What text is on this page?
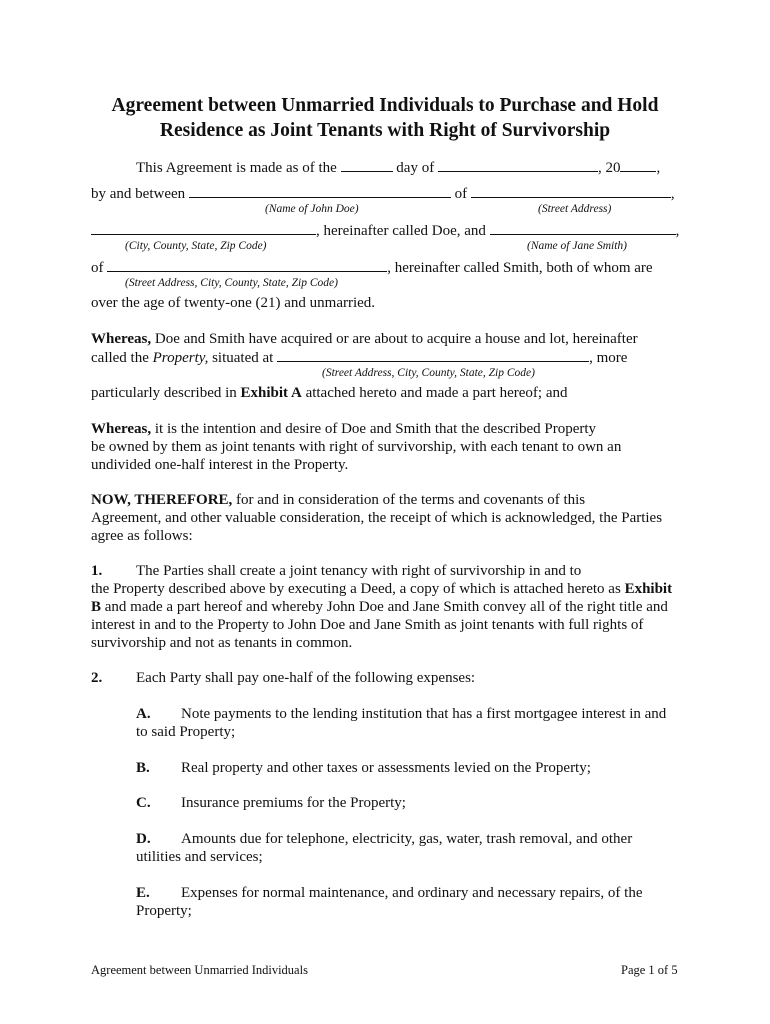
Agreement between Unmarried Individuals to Purchase and Hold
Residence as Joint Tenants with Right of Survivorship
This Agreement is made as of the	day of	, 20 ,
by and between	of	,
(Name of John Doe)	(Street Address)
, hereinafter called Doe, and	,
(City, County, State, Zip Code)	(Name of Jane Smith)
of	, hereinafter called Smith, both of whom are
(Street Address, City, County, State, Zip Code)
over the age of twenty-one (21) and unmarried.
Whereas, Doe and Smith have acquired or are about to acquire a house and lot, hereinafter
called the Property, situated at	, more
(Street Address, City, County, State, Zip Code)
particularly described in Exhibit A attached hereto and made a part hereof; and
Whereas, it is the intention and desire of Doe and Smith that the described Property
be owned by them as joint tenants with right of survivorship, with each tenant to own an
undivided one-half interest in the Property.
NOW, THEREFORE, for and in consideration of the terms and covenants of this
Agreement, and other valuable consideration, the receipt of which is acknowledged, the Parties
agree as follows:
1. The Parties shall create a joint tenancy with right of survivorship in and to
the Property described above by executing a Deed, a copy of which is attached hereto as Exhibit
B and made a part hereof and whereby John Doe and Jane Smith convey all of the right title and
interest in and to the Property to John Doe and Jane Smith as joint tenants with full rights of
survivorship and not as tenants in common.
2. Each Party shall pay one-half of the following expenses:
A. Note payments to the lending institution that has a first mortgagee interest in and
to said Property;
B. Real property and other taxes or assessments levied on the Property;
C. Insurance premiums for the Property;
D. Amounts due for telephone, electricity, gas, water, trash removal, and other
utilities and services;
E. Expenses for normal maintenance, and ordinary and necessary repairs, of the
Property;
Agreement between Unmarried Individuals	Page 1 of 5
